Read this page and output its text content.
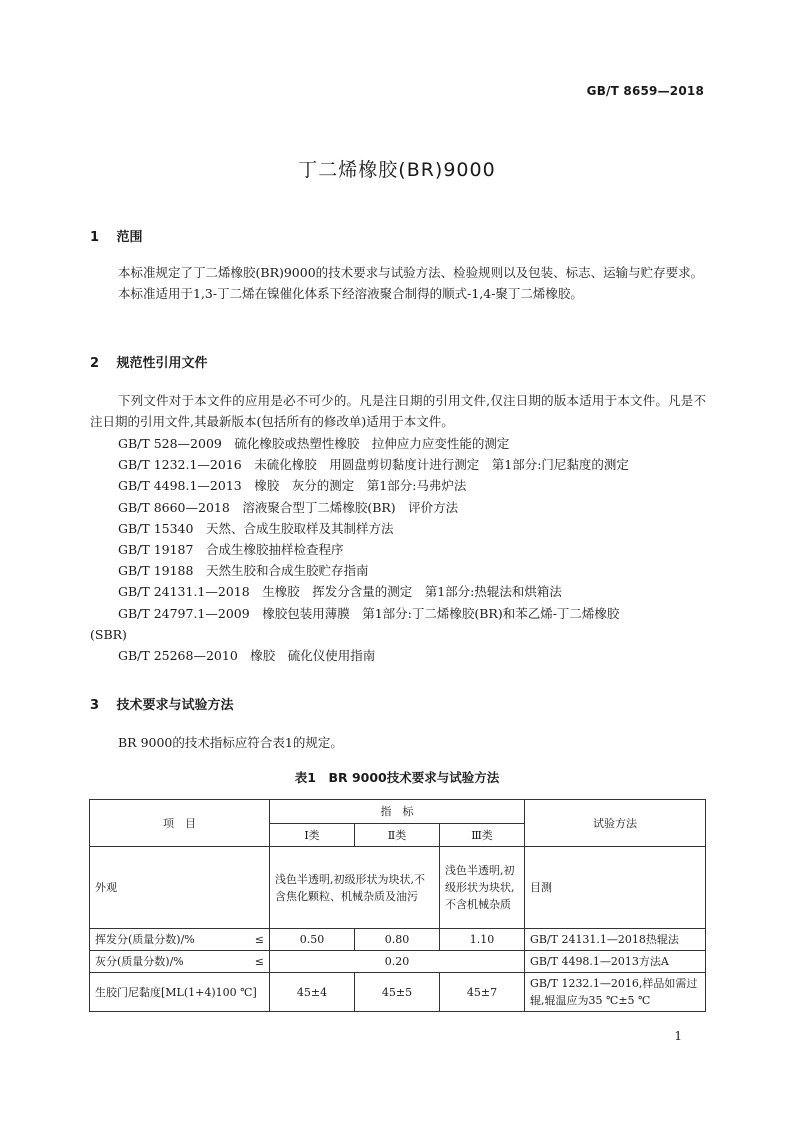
GB/T 8659—2018
丁二烯橡胶(BR)9000
1 范围
本标准规定了丁二烯橡胶(BR)9000的技术要求与试验方法、检验规则以及包装、标志、运输与贮存要求。
本标准适用于1,3-丁二烯在镍催化体系下经溶液聚合制得的顺式-1,4-聚丁二烯橡胶。
2 规范性引用文件
下列文件对于本文件的应用是必不可少的。凡是注日期的引用文件,仅注日期的版本适用于本文件。凡是不注日期的引用文件,其最新版本(包括所有的修改单)适用于本文件。
GB/T 528—2009　硫化橡胶或热塑性橡胶　拉伸应力应变性能的测定
GB/T 1232.1—2016　未硫化橡胶　用圆盘剪切黏度计进行测定　第1部分:门尼黏度的测定
GB/T 4498.1—2013　橡胶　灰分的测定　第1部分:马弗炉法
GB/T 8660—2018　溶液聚合型丁二烯橡胶(BR)　评价方法
GB/T 15340　天然、合成生胶取样及其制样方法
GB/T 19187　合成生橡胶抽样检查程序
GB/T 19188　天然生胶和合成生胶贮存指南
GB/T 24131.1—2018　生橡胶　挥发分含量的测定　第1部分:热辊法和烘箱法
GB/T 24797.1—2009　橡胶包装用薄膜　第1部分:丁二烯橡胶(BR)和苯乙烯-丁二烯橡胶
(SBR)
GB/T 25268—2010　橡胶　硫化仪使用指南
3 技术要求与试验方法
BR 9000的技术指标应符合表1的规定。
表1　BR 9000技术要求与试验方法
项　目	指　标			试验方法
	Ⅰ类	Ⅱ类	Ⅲ类	
外观	浅色半透明,初级形状为块状,不含焦化颗粒、机械杂质及油污		浅色半透明,初级形状为块状,不含机械杂质	目测
挥发分(质量分数)/% ≤	0.50	0.80	1.10	GB/T 24131.1—2018热辊法
灰分(质量分数)/% ≤	0.20			GB/T 4498.1—2013方法A
生胶门尼黏度[ML(1+4)100 ℃]	45±4	45±5	45±7	GB/T 1232.1—2016,样品如需过辊,辊温应为35 ℃±5 ℃
1
